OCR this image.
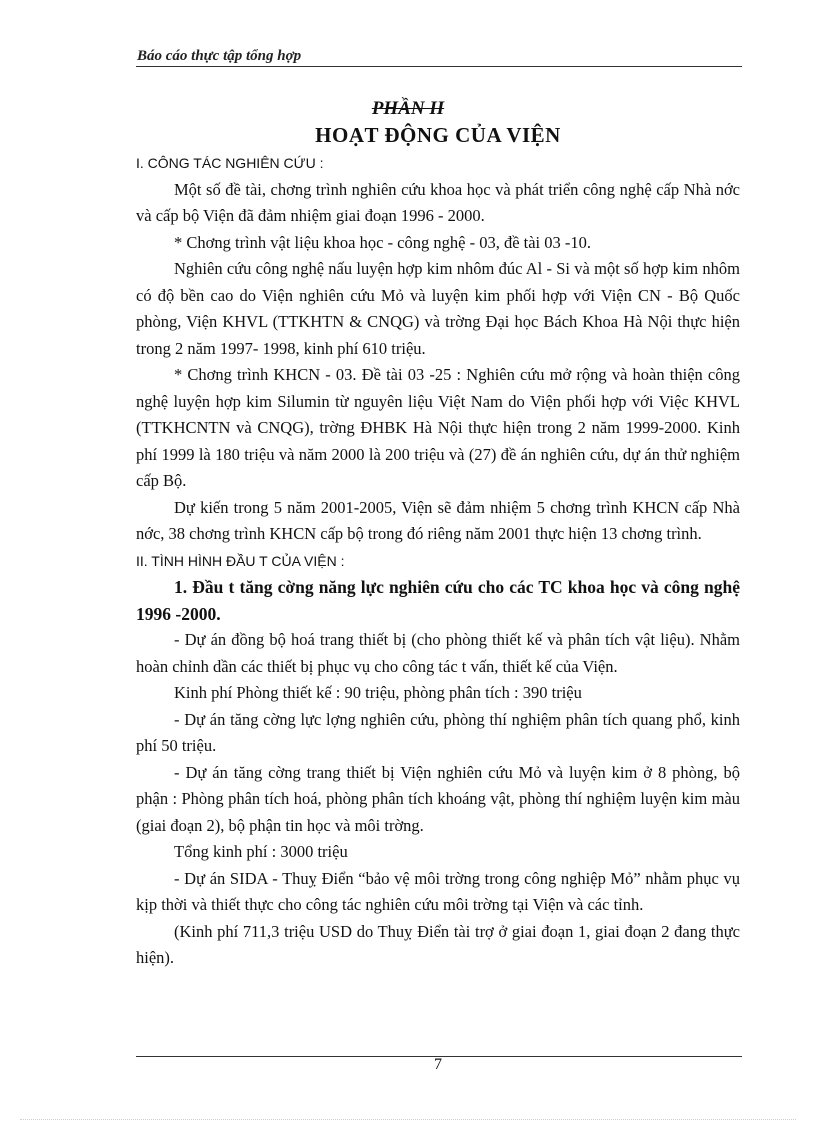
Báo cáo thực tập tổng hợp
PHẦN II
HOẠT ĐỘNG CỦA VIỆN

I. CÔNG TÁC NGHIÊN CỨU :

Một số đề tài, chơng trình nghiên cứu khoa học và phát triển công nghệ cấp Nhà nớc và cấp bộ Viện đã đảm nhiệm giai đoạn 1996 - 2000.

* Chơng trình vật liệu khoa học - công nghệ - 03, đề tài 03 -10.

Nghiên cứu công nghệ nấu luyện hợp kim nhôm đúc Al - Si và một số hợp kim nhôm có độ bền cao do Viện nghiên cứu Mỏ và luyện kim phối hợp với Viện CN - Bộ Quốc phòng, Viện KHVL (TTKHTN & CNQG) và trờng Đại học Bách Khoa Hà Nội thực hiện trong 2 năm 1997- 1998, kinh phí 610 triệu.

* Chơng trình KHCN - 03. Đề tài 03 -25 : Nghiên cứu mở rộng và hoàn thiện công nghệ luyện hợp kim Silumin từ nguyên liệu Việt Nam do Viện phối hợp với Việc KHVL (TTKHCNTN và CNQG), trờng ĐHBK Hà Nội thực hiện trong 2 năm 1999-2000. Kinh phí 1999 là 180 triệu và năm 2000 là 200 triệu và (27) đề án nghiên cứu, dự án thử nghiệm cấp Bộ.

Dự kiến trong 5 năm 2001-2005, Viện sẽ đảm nhiệm 5 chơng trình KHCN cấp Nhà nớc, 38 chơng trình KHCN cấp bộ trong đó riêng năm 2001 thực hiện 13 chơng trình.

II. TÌNH HÌNH ĐẦU T CỦA VIỆN :

1. Đầu t tăng cờng năng lực nghiên cứu cho các TC khoa học và công nghệ 1996 -2000.

- Dự án đồng bộ hoá trang thiết bị (cho phòng thiết kế và phân tích vật liệu). Nhằm hoàn chỉnh dần các thiết bị phục vụ cho công tác t vấn, thiết kế của Viện.

Kinh phí Phòng thiết kế : 90 triệu, phòng phân tích : 390 triệu

- Dự án tăng cờng lực lợng nghiên cứu, phòng thí nghiệm phân tích quang phổ, kinh phí 50 triệu.

- Dự án tăng cờng trang thiết bị Viện nghiên cứu Mỏ và luyện kim ở 8 phòng, bộ phận : Phòng phân tích hoá, phòng phân tích khoáng vật, phòng thí nghiệm luyện kim màu (giai đoạn 2), bộ phận tin học và môi trờng.

Tổng kinh phí : 3000 triệu

- Dự án SIDA - Thuỵ Điển “bảo vệ môi trờng trong công nghiệp Mỏ” nhằm phục vụ kịp thời và thiết thực cho công tác nghiên cứu môi trờng tại Viện và các tỉnh.

(Kinh phí 711,3 triệu USD do Thuỵ Điển tài trợ ở giai đoạn 1, giai đoạn 2 đang thực hiện).

7
